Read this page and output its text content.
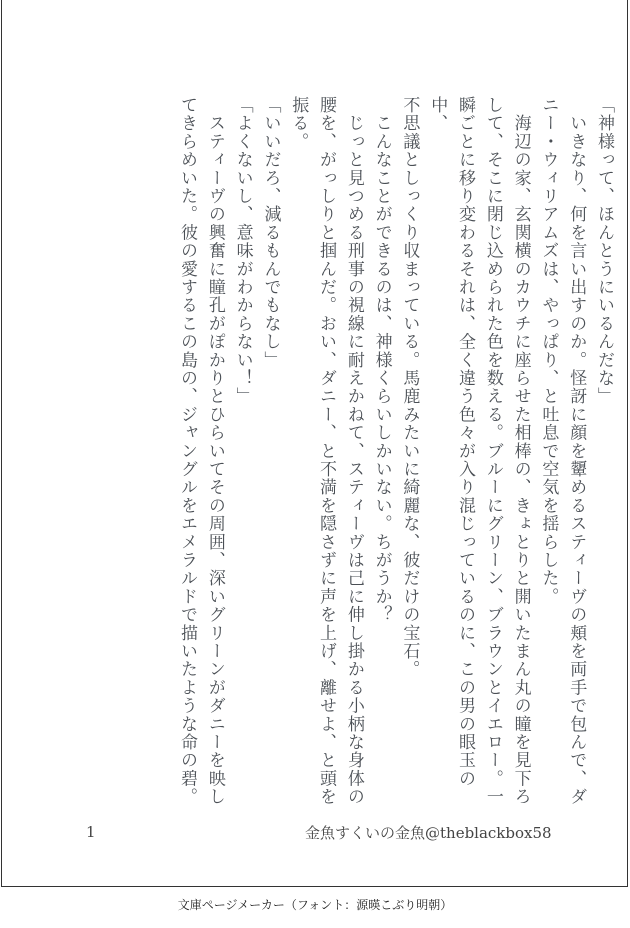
「神様って、ほんとうにいるんだな」

　いきなり、何を言い出すのか。怪訝に顔を顰めるスティーヴの頬を両手で包んで、ダ

ニー・ウィリアムズは、やっぱり、と吐息で空気を揺らした。

　海辺の家、玄関横のカウチに座らせた相棒の、きょとりと開いたまん丸の瞳を見下ろ

して、そこに閉じ込められた色を数える。ブルーにグリーン、ブラウンとイエロー。一

瞬ごとに移り変わるそれは、全く違う色々が入り混じっているのに、この男の眼玉の中、

不思議としっくり収まっている。馬鹿みたいに綺麗な、彼だけの宝石。

　こんなことができるのは、神様くらいしかいない。ちがうか？

　じっと見つめる刑事の視線に耐えかねて、スティーヴは己に伸し掛かる小柄な身体の

腰を、がっしりと掴んだ。おい、ダニー、と不満を隠さずに声を上げ、離せよ、と頭を

振る。

「いいだろ、減るもんでもなし」

「よくないし、意味がわからない！」

　スティーヴの興奮に瞳孔がぽかりとひらいてその周囲、深いグリーンがダニーを映し

てきらめいた。彼の愛するこの島の、ジャングルをエメラルドで描いたような命の碧。

1	金魚すくいの金魚@theblackbox58
文庫ページメーカー（フォント：源暎こぶり明朝）
